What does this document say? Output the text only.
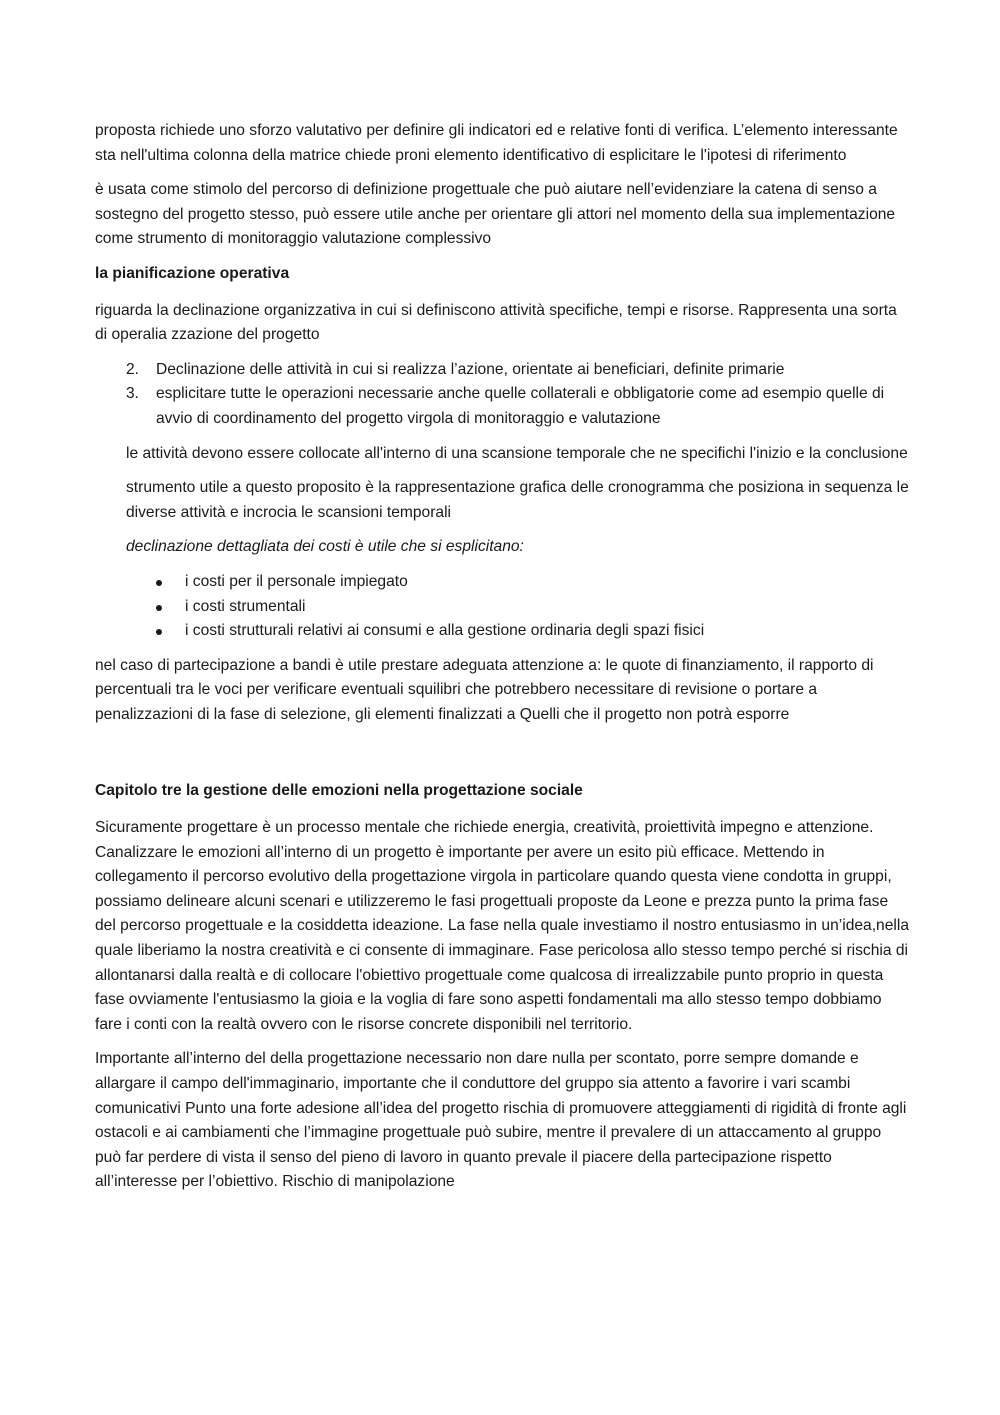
proposta richiede uno sforzo valutativo per definire gli indicatori ed e relative fonti di verifica. L’elemento interessante sta nell'ultima colonna della matrice chiede proni elemento identificativo di esplicitare le l'ipotesi di riferimento

è usata come stimolo del percorso di definizione progettuale che può aiutare nell’evidenziare la catena di senso a sostegno del progetto stesso, può essere utile anche per orientare gli attori nel momento della sua implementazione come strumento di monitoraggio valutazione complessivo

la pianificazione operativa

riguarda la declinazione organizzativa in cui si definiscono attività specifiche, tempi e risorse. Rappresenta una sorta di operalia zzazione del progetto

2. Declinazione delle attività in cui si realizza l’azione, orientate ai beneficiari, definite primarie
3. esplicitare tutte le operazioni necessarie anche quelle collaterali e obbligatorie come ad esempio quelle di avvio di coordinamento del progetto virgola di monitoraggio e valutazione

le attività devono essere collocate all'interno di una scansione temporale che ne specifichi l'inizio e la conclusione

strumento utile a questo proposito è la rappresentazione grafica delle cronogramma che posiziona in sequenza le diverse attività e incrocia le scansioni temporali

declinazione dettagliata dei costi è utile che si esplicitano:

i costi per il personale impiegato
i costi strumentali
i costi strutturali relativi ai consumi e alla gestione ordinaria degli spazi fisici

nel caso di partecipazione a bandi è utile prestare adeguata attenzione a: le quote di finanziamento, il rapporto di percentuali tra le voci per verificare eventuali squilibri che potrebbero necessitare di revisione o portare a penalizzazioni di la fase di selezione, gli elementi finalizzati a Quelli che il progetto non potrà esporre

Capitolo tre la gestione delle emozioni nella progettazione sociale

Sicuramente progettare è un processo mentale che richiede energia, creatività, proiettività impegno e attenzione. Canalizzare le emozioni all’interno di un progetto è importante per avere un esito più efficace. Mettendo in collegamento il percorso evolutivo della progettazione virgola in particolare quando questa viene condotta in gruppi, possiamo delineare alcuni scenari e utilizzeremo le fasi progettuali proposte da Leone e prezza punto la prima fase del percorso progettuale e la cosiddetta ideazione. La fase nella quale investiamo il nostro entusiasmo in un’idea,nella quale liberiamo la nostra creatività e ci consente di immaginare. Fase pericolosa allo stesso tempo perché si rischia di allontanarsi dalla realtà e di collocare l'obiettivo progettuale come qualcosa di irrealizzabile punto proprio in questa fase ovviamente l'entusiasmo la gioia e la voglia di fare sono aspetti fondamentali ma allo stesso tempo dobbiamo fare i conti con la realtà ovvero con le risorse concrete disponibili nel territorio.

Importante all’interno del della progettazione necessario non dare nulla per scontato, porre sempre domande e allargare il campo dell'immaginario, importante che il conduttore del gruppo sia attento a favorire i vari scambi comunicativi Punto una forte adesione all’idea del progetto rischia di promuovere atteggiamenti di rigidità di fronte agli ostacoli e ai cambiamenti che l’immagine progettuale può subire, mentre il prevalere di un attaccamento al gruppo può far perdere di vista il senso del pieno di lavoro in quanto prevale il piacere della partecipazione rispetto all’interesse per l’obiettivo. Rischio di manipolazione
